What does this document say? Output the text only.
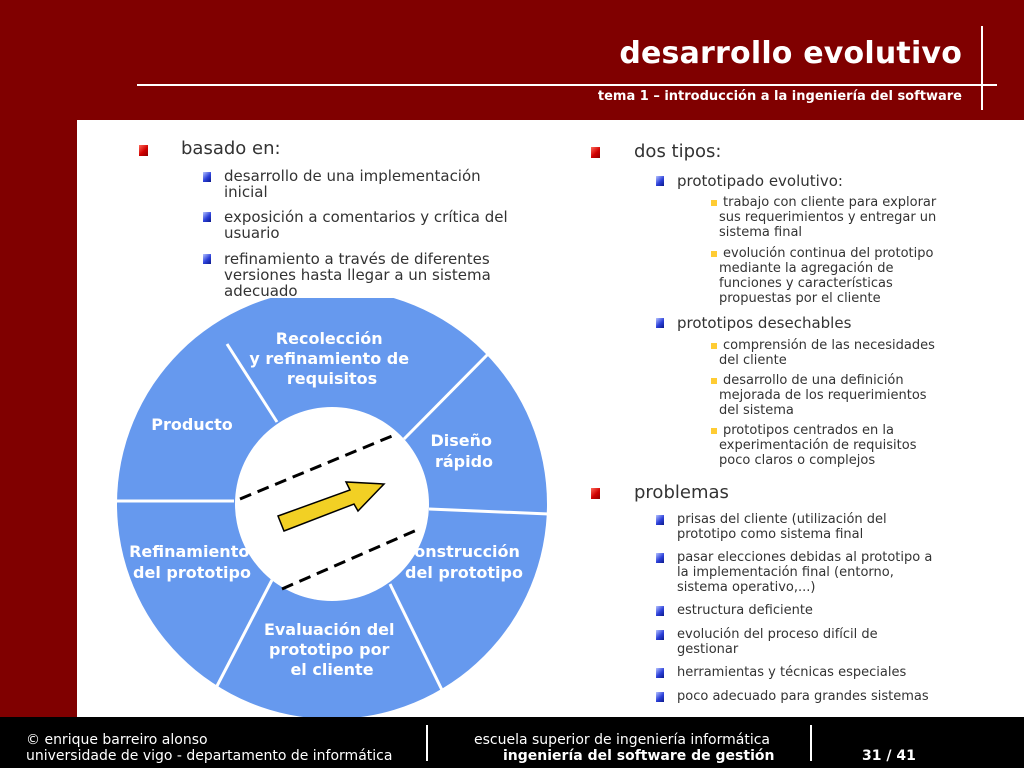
desarrollo evolutivo
tema 1 – introducción a la ingeniería del software
basado en:
desarrollo de una implementación
inicial
exposición a comentarios y crítica del
usuario
refinamiento a través de diferentes
versiones hasta llegar a un sistema
adecuado
Recolección y refinamiento de requisitos
Diseño rápido
Construcción del prototipo
Evaluación del prototipo por el cliente
Refinamiento del prototipo
Producto
dos tipos:
prototipado evolutivo:
trabajo con cliente para explorar
sus requerimientos y entregar un
sistema final
evolución continua del prototipo
mediante la agregación de
funciones y características
propuestas por el cliente
prototipos desechables
comprensión de las necesidades
del cliente
desarrollo de una definición
mejorada de los requerimientos
del sistema
prototipos centrados en la
experimentación de requisitos
poco claros o complejos
problemas
prisas del cliente (utilización del
prototipo como sistema final
pasar elecciones debidas al prototipo a
la implementación final (entorno,
sistema operativo,...)
estructura deficiente
evolución del proceso difícil de
gestionar
herramientas y técnicas especiales
poco adecuado para grandes sistemas
© enrique barreiro alonso
universidade de vigo - departamento de informática
escuela superior de ingeniería informática
ingeniería del software de gestión	31 / 41
